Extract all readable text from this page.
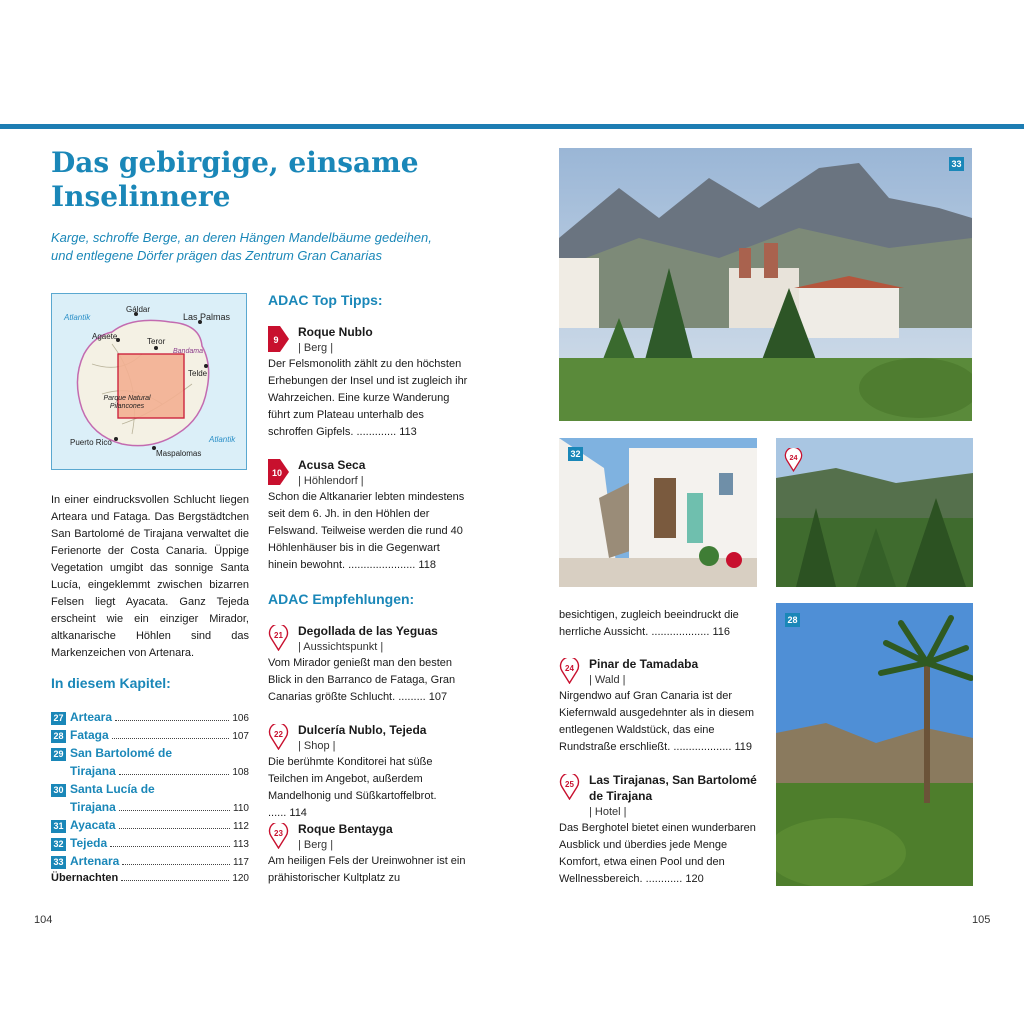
Das gebirgige, einsame Inselinnere
Karge, schroffe Berge, an deren Hängen Mandelbäume gedeihen, und entlegene Dörfer prägen das Zentrum Gran Canarias
Atlantik
Gáldar
Las Palmas
Agaete
Teror
Bandama
Telde
Parque Natural Pilancones
Puerto Rico	Atlantik
Maspalomas
In einer eindrucksvollen Schlucht liegen Arteara und Fataga. Das Bergstädtchen San Bartolomé de Tirajana verwaltet die Ferienorte der Costa Canaria. Üppige Vegetation umgibt das sonnige Santa Lucía, eingeklemmt zwischen bizarren Felsen liegt Ayacata. Ganz Tejeda erscheint wie ein einziger Mirador, altkanarische Höhlen sind das Markenzeichen von Artenara.
In diesem Kapitel:
27 Arteara	106
28 Fataga	107
29 San Bartolomé de
Tirajana	108
30 Santa Lucía de
Tirajana	110
31 Ayacata	112
32 Tejeda	113
33 Artenara	117
Übernachten	120
ADAC Top Tipps:
9
Roque Nublo
| Berg |
Der Felsmonolith zählt zu den höchsten Erhebungen der Insel und ist zugleich ihr Wahrzeichen. Eine kurze Wanderung führt zum Plateau unterhalb des schroffen Gipfels. ............. 113
10
Acusa Seca
| Höhlendorf |
Schon die Altkanarier lebten mindestens seit dem 6. Jh. in den Höhlen der Felswand. Teilweise werden die rund 40 Höhlenhäuser bis in die Gegenwart hinein bewohnt. ...................... 118
ADAC Empfehlungen:
21 Degollada de las Yeguas
| Aussichtspunkt |
Vom Mirador genießt man den besten Blick in den Barranco de Fataga, Gran Canarias größte Schlucht. ......... 107
22 Dulcería Nublo, Tejeda
| Shop |
Die berühmte Konditorei hat süße Teilchen im Angebot, außerdem Mandelhonig und Süßkartoffelbrot. ...... 114
23 Roque Bentayga
| Berg |
Am heiligen Fels der Ureinwohner ist ein prähistorischer Kultplatz zu
besichtigen, zugleich beeindruckt die herrliche Aussicht. ................... 116
24 Pinar de Tamadaba
| Wald |
Nirgendwo auf Gran Canaria ist der Kiefernwald ausgedehnter als in diesem entlegenen Waldstück, das eine Rundstraße erschließt. ................... 119
25 Las Tirajanas, San Bartolomé de Tirajana
| Hotel |
Das Berghotel bietet einen wunderbaren Ausblick und überdies jede Menge Komfort, etwa einen Pool und den Wellnessbereich. ............ 120
33
32	24
28
104	105
